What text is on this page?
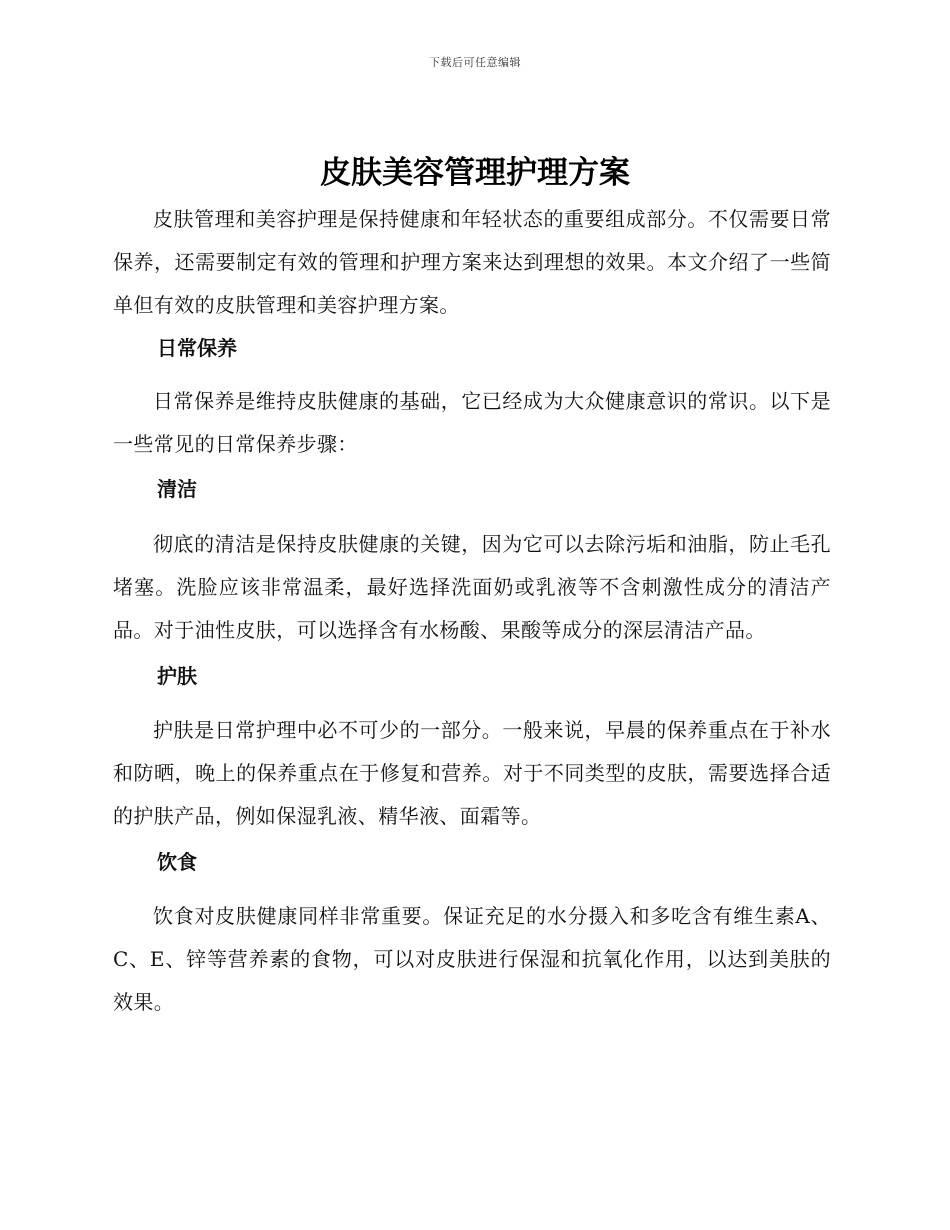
下载后可任意编辑
皮肤美容管理护理方案

皮肤管理和美容护理是保持健康和年轻状态的重要组成部分。不仅需要日常保养，还需要制定有效的管理和护理方案来达到理想的效果。本文介绍了一些简单但有效的皮肤管理和美容护理方案。

日常保养

日常保养是维持皮肤健康的基础，它已经成为大众健康意识的常识。以下是一些常见的日常保养步骤：

清洁

彻底的清洁是保持皮肤健康的关键，因为它可以去除污垢和油脂，防止毛孔堵塞。洗脸应该非常温柔，最好选择洗面奶或乳液等不含刺激性成分的清洁产品。对于油性皮肤，可以选择含有水杨酸、果酸等成分的深层清洁产品。

护肤

护肤是日常护理中必不可少的一部分。一般来说，早晨的保养重点在于补水和防晒，晚上的保养重点在于修复和营养。对于不同类型的皮肤，需要选择合适的护肤产品，例如保湿乳液、精华液、面霜等。

饮食

饮食对皮肤健康同样非常重要。保证充足的水分摄入和多吃含有维生素A、C、E、锌等营养素的食物，可以对皮肤进行保湿和抗氧化作用，以达到美肤的效果。
